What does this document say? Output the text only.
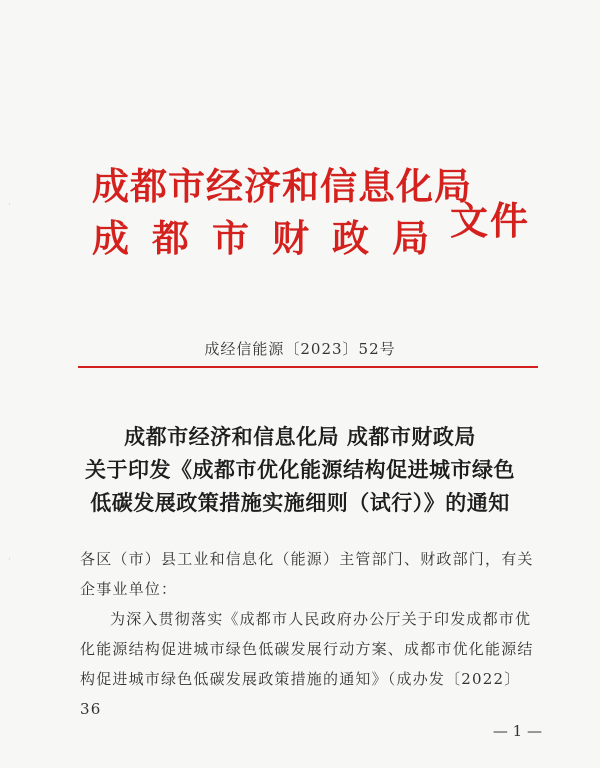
·
·
成都市经济和信息化局
成都市财政局
文件
成经信能源〔2023〕52号
成都市经济和信息化局 成都市财政局
关于印发《成都市优化能源结构促进城市绿色
低碳发展政策措施实施细则（试行）》的通知

各区（市）县工业和信息化（能源）主管部门、财政部门，有关企事业单位：

为深入贯彻落实《成都市人民政府办公厅关于印发成都市优化能源结构促进城市绿色低碳发展行动方案、成都市优化能源结构促进城市绿色低碳发展政策措施的通知》（成办发〔2022〕36

— 1 —
